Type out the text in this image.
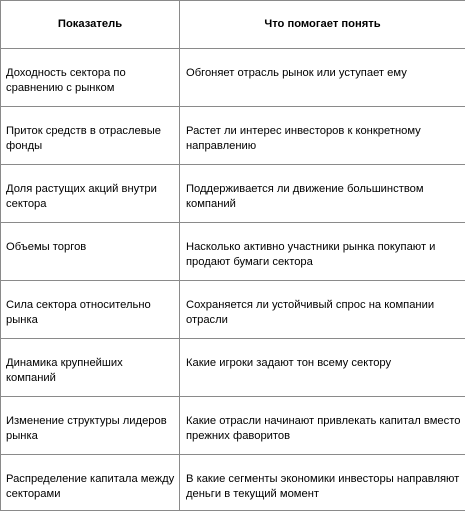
Показатель	Что помогает понять
Доходность сектора по сравнению с рынком	Обгоняет отрасль рынок или уступает ему
Приток средств в отраслевые фонды	Растет ли интерес инвесторов к конкретному направлению
Доля растущих акций внутри сектора	Поддерживается ли движение большинством компаний
Объемы торгов	Насколько активно участники рынка покупают и продают бумаги сектора
Сила сектора относительно рынка	Сохраняется ли устойчивый спрос на компании отрасли
Динамика крупнейших компаний	Какие игроки задают тон всему сектору
Изменение структуры лидеров рынка	Какие отрасли начинают привлекать капитал вместо прежних фаворитов
Распределение капитала между секторами	В какие сегменты экономики инвесторы направляют деньги в текущий момент
